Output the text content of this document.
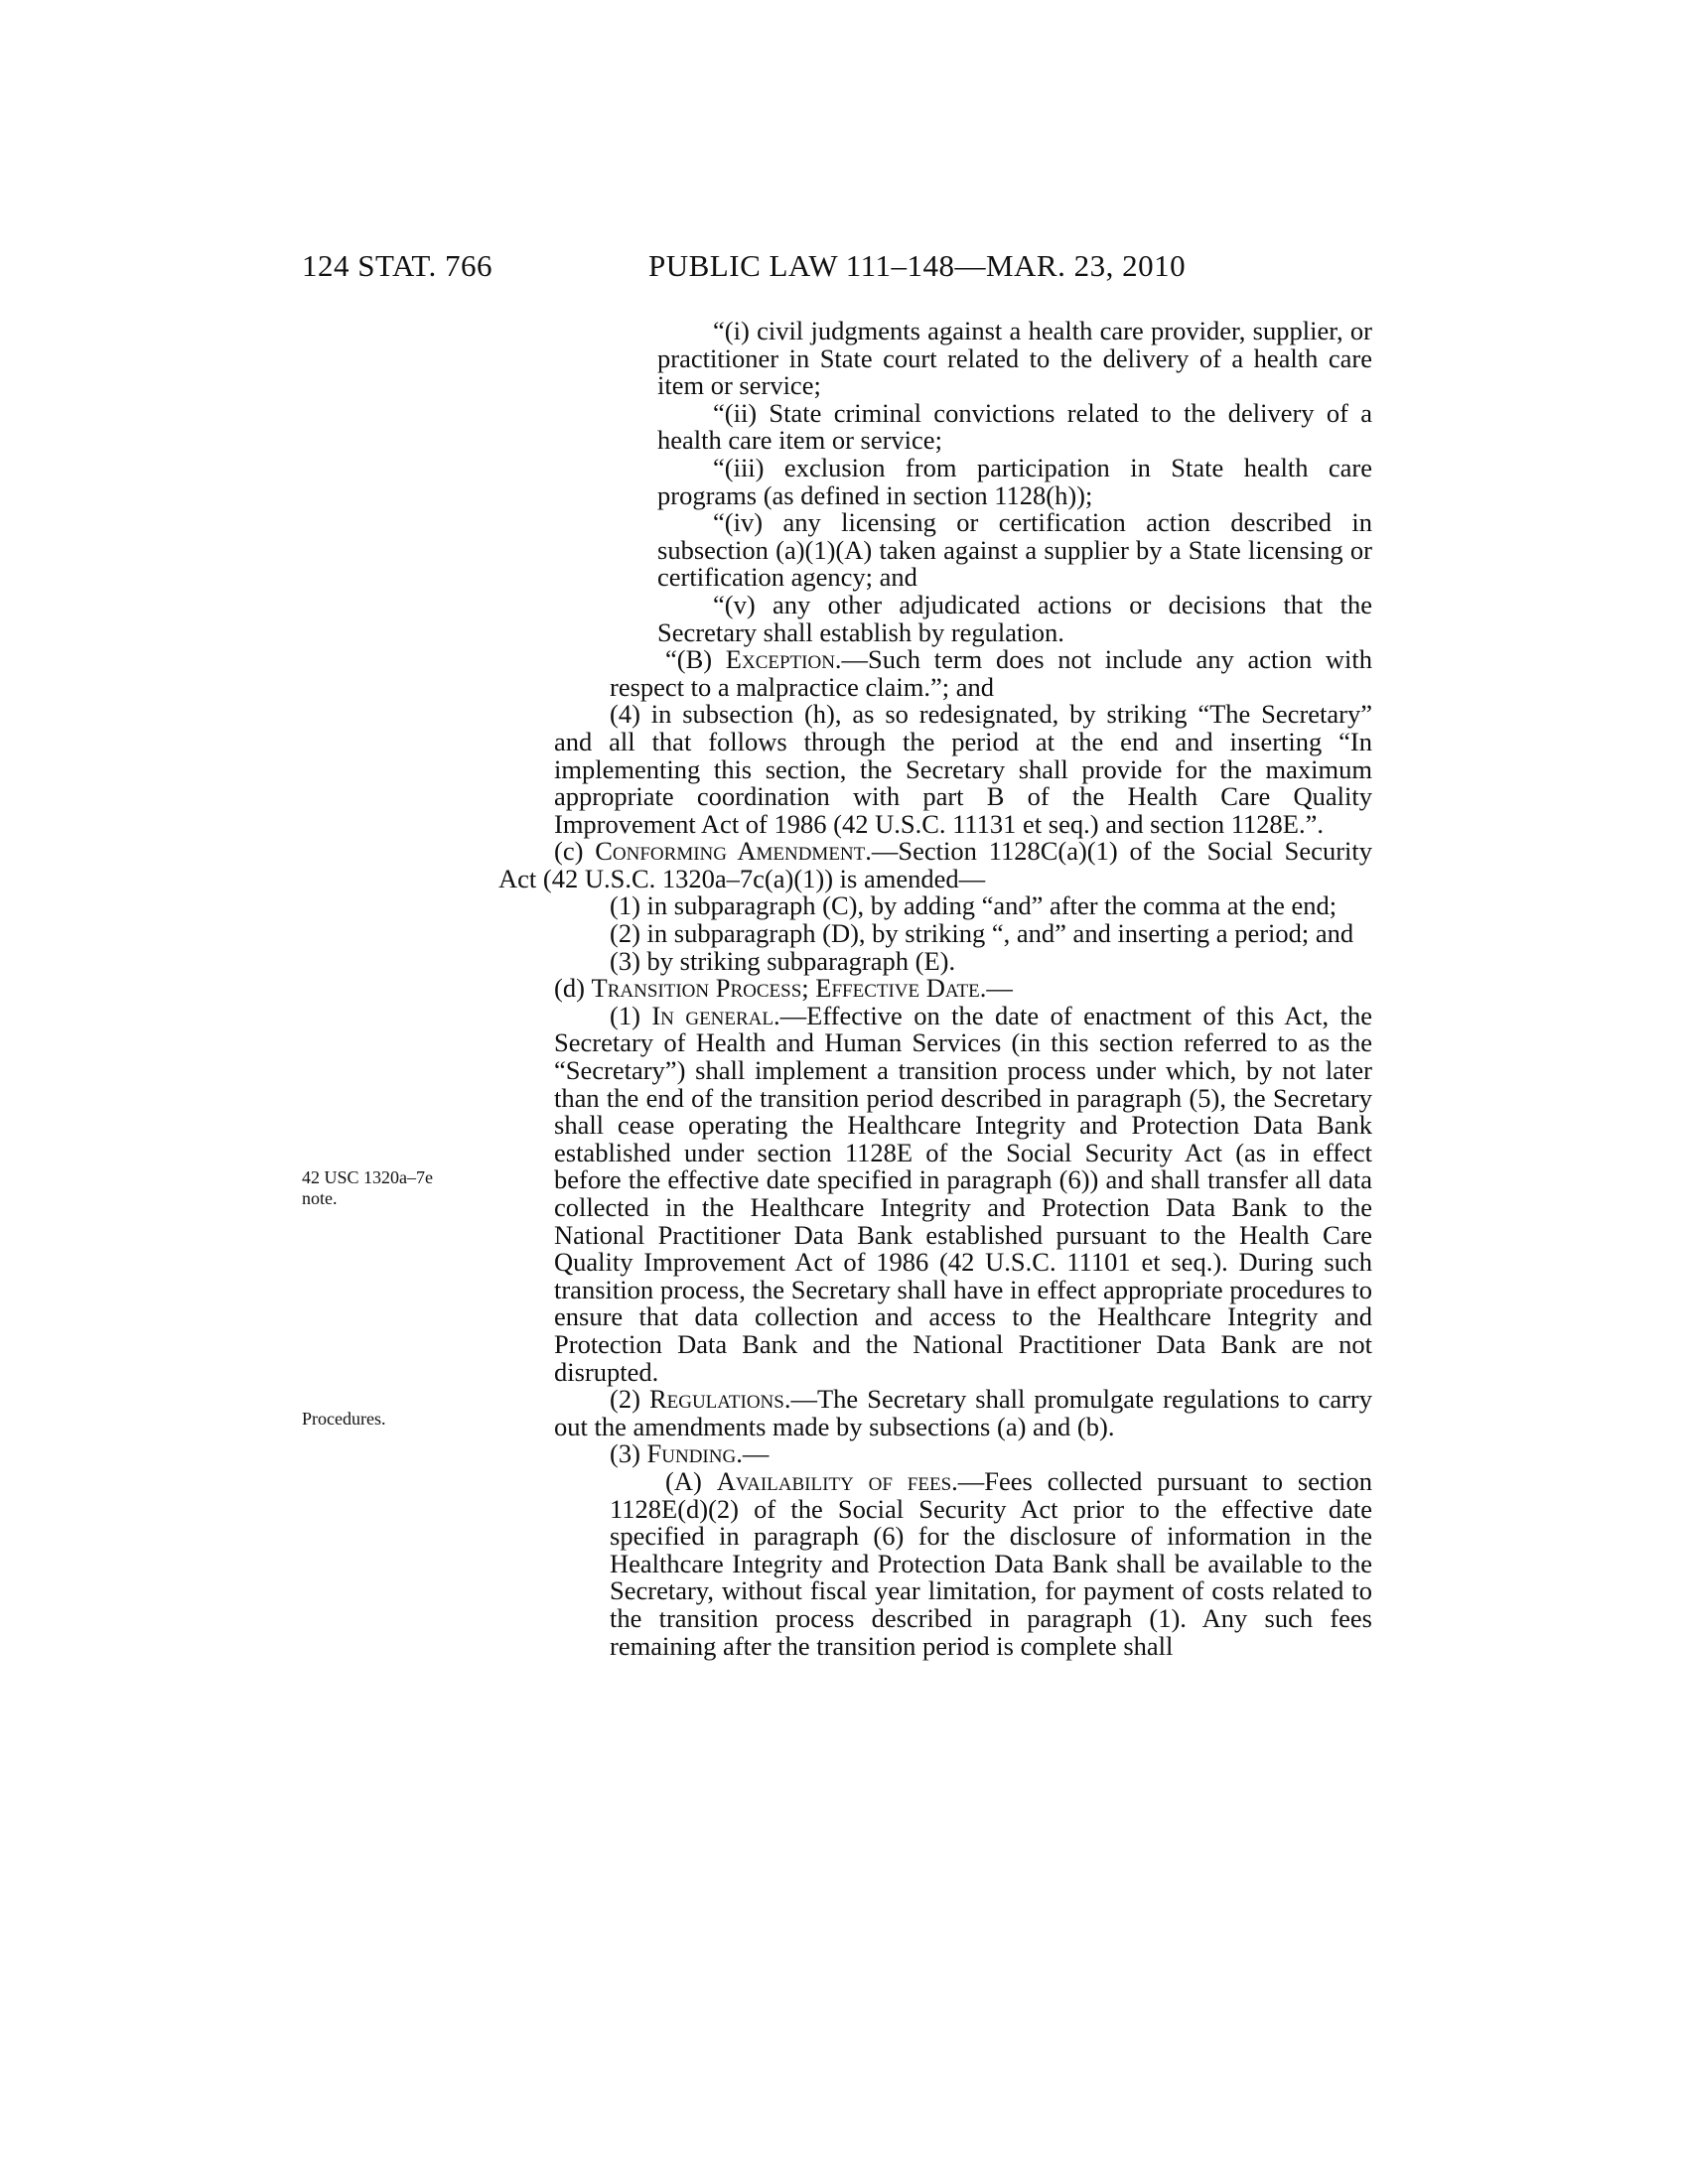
124 STAT. 766	PUBLIC LAW 111–148—MAR. 23, 2010
42 USC 1320a–7e note.
Procedures.

“(i) civil judgments against a health care provider, supplier, or practitioner in State court related to the delivery of a health care item or service;

“(ii) State criminal convictions related to the delivery of a health care item or service;

“(iii) exclusion from participation in State health care programs (as defined in section 1128(h));

“(iv) any licensing or certification action described in subsection (a)(1)(A) taken against a supplier by a State licensing or certification agency; and

“(v) any other adjudicated actions or decisions that the Secretary shall establish by regulation.

“(B) Exception.—Such term does not include any action with respect to a malpractice claim.”; and

(4) in subsection (h), as so redesignated, by striking “The Secretary” and all that follows through the period at the end and inserting “In implementing this section, the Secretary shall provide for the maximum appropriate coordination with part B of the Health Care Quality Improvement Act of 1986 (42 U.S.C. 11131 et seq.) and section 1128E.”.

(c) Conforming Amendment.—Section 1128C(a)(1) of the Social Security Act (42 U.S.C. 1320a–7c(a)(1)) is amended—

(1) in subparagraph (C), by adding “and” after the comma at the end;

(2) in subparagraph (D), by striking “, and” and inserting a period; and

(3) by striking subparagraph (E).

(d) Transition Process; Effective Date.—

(1) In general.—Effective on the date of enactment of this Act, the Secretary of Health and Human Services (in this section referred to as the “Secretary”) shall implement a transition process under which, by not later than the end of the transition period described in paragraph (5), the Secretary shall cease operating the Healthcare Integrity and Protection Data Bank established under section 1128E of the Social Security Act (as in effect before the effective date specified in paragraph (6)) and shall transfer all data collected in the Healthcare Integrity and Protection Data Bank to the National Practitioner Data Bank established pursuant to the Health Care Quality Improvement Act of 1986 (42 U.S.C. 11101 et seq.). During such transition process, the Secretary shall have in effect appropriate procedures to ensure that data collection and access to the Healthcare Integrity and Protection Data Bank and the National Practitioner Data Bank are not disrupted.

(2) Regulations.—The Secretary shall promulgate regulations to carry out the amendments made by subsections (a) and (b).

(3) Funding.—

(A) Availability of fees.—Fees collected pursuant to section 1128E(d)(2) of the Social Security Act prior to the effective date specified in paragraph (6) for the disclosure of information in the Healthcare Integrity and Protection Data Bank shall be available to the Secretary, without fiscal year limitation, for payment of costs related to the transition process described in paragraph (1). Any such fees remaining after the transition period is complete shall
